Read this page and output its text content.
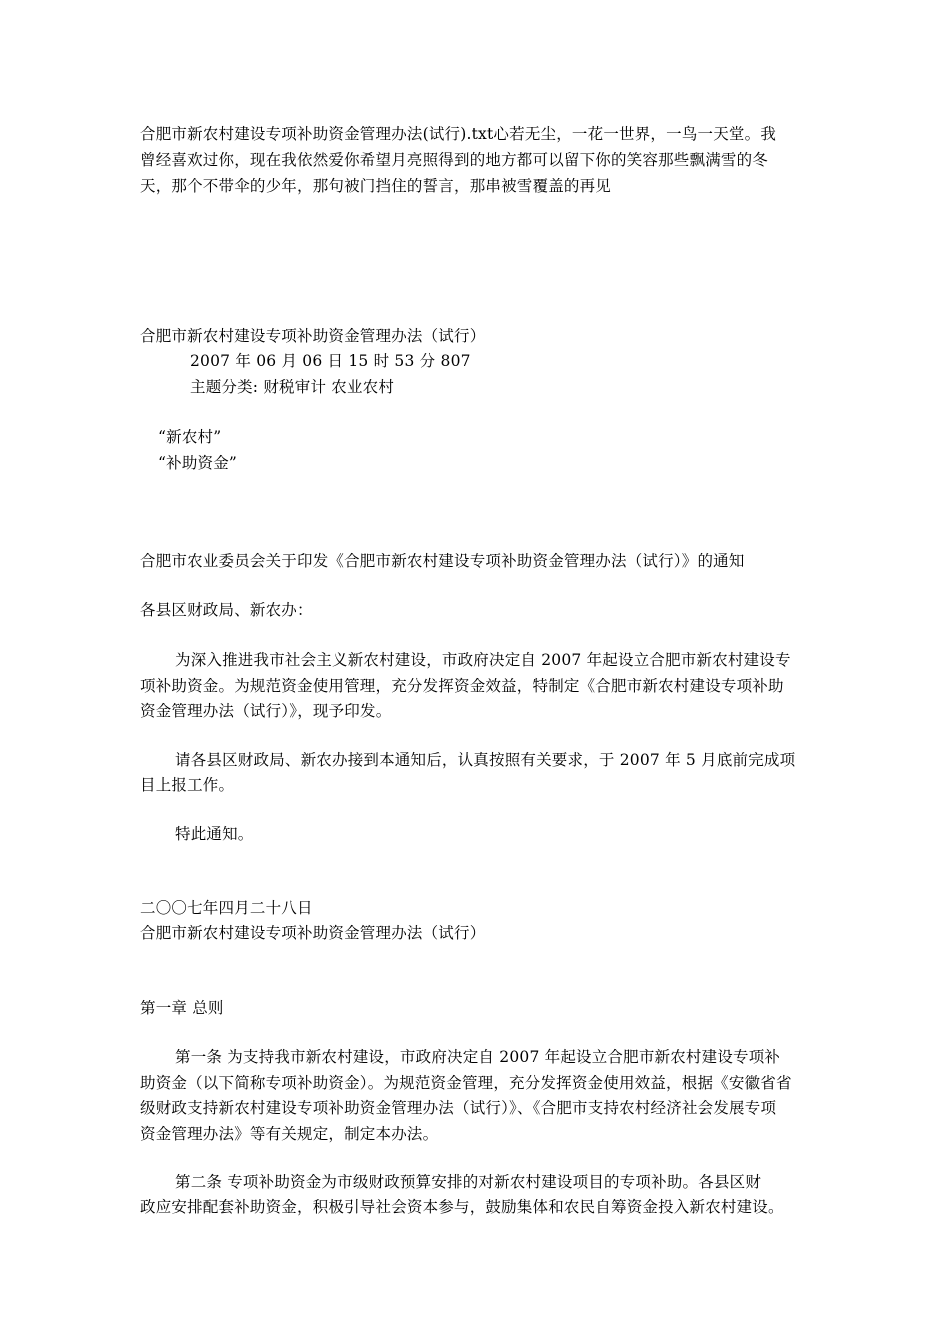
合肥市新农村建设专项补助资金管理办法(试行).txt心若无尘，一花一世界，一鸟一天堂。我
曾经喜欢过你，现在我依然爱你希望月亮照得到的地方都可以留下你的笑容那些飘满雪的冬
天，那个不带伞的少年，那句被门挡住的誓言，那串被雪覆盖的再见
合肥市新农村建设专项补助资金管理办法（试行）
2007 年 06 月 06 日 15 时 53 分 807
主题分类: 财税审计 农业农村
“新农村”
“补助资金”
合肥市农业委员会关于印发《合肥市新农村建设专项补助资金管理办法（试行）》的通知
各县区财政局、新农办：
为深入推进我市社会主义新农村建设，市政府决定自 2007 年起设立合肥市新农村建设专
项补助资金。为规范资金使用管理，充分发挥资金效益，特制定《合肥市新农村建设专项补助
资金管理办法（试行）》，现予印发。
请各县区财政局、新农办接到本通知后，认真按照有关要求，于 2007 年 5 月底前完成项
目上报工作。
特此通知。
二〇〇七年四月二十八日
合肥市新农村建设专项补助资金管理办法（试行）
第一章 总则
第一条 为支持我市新农村建设，市政府决定自 2007 年起设立合肥市新农村建设专项补
助资金（以下简称专项补助资金）。为规范资金管理，充分发挥资金使用效益，根据《安徽省省
级财政支持新农村建设专项补助资金管理办法（试行）》、《合肥市支持农村经济社会发展专项
资金管理办法》等有关规定，制定本办法。
第二条 专项补助资金为市级财政预算安排的对新农村建设项目的专项补助。各县区财
政应安排配套补助资金，积极引导社会资本参与，鼓励集体和农民自筹资金投入新农村建设。
